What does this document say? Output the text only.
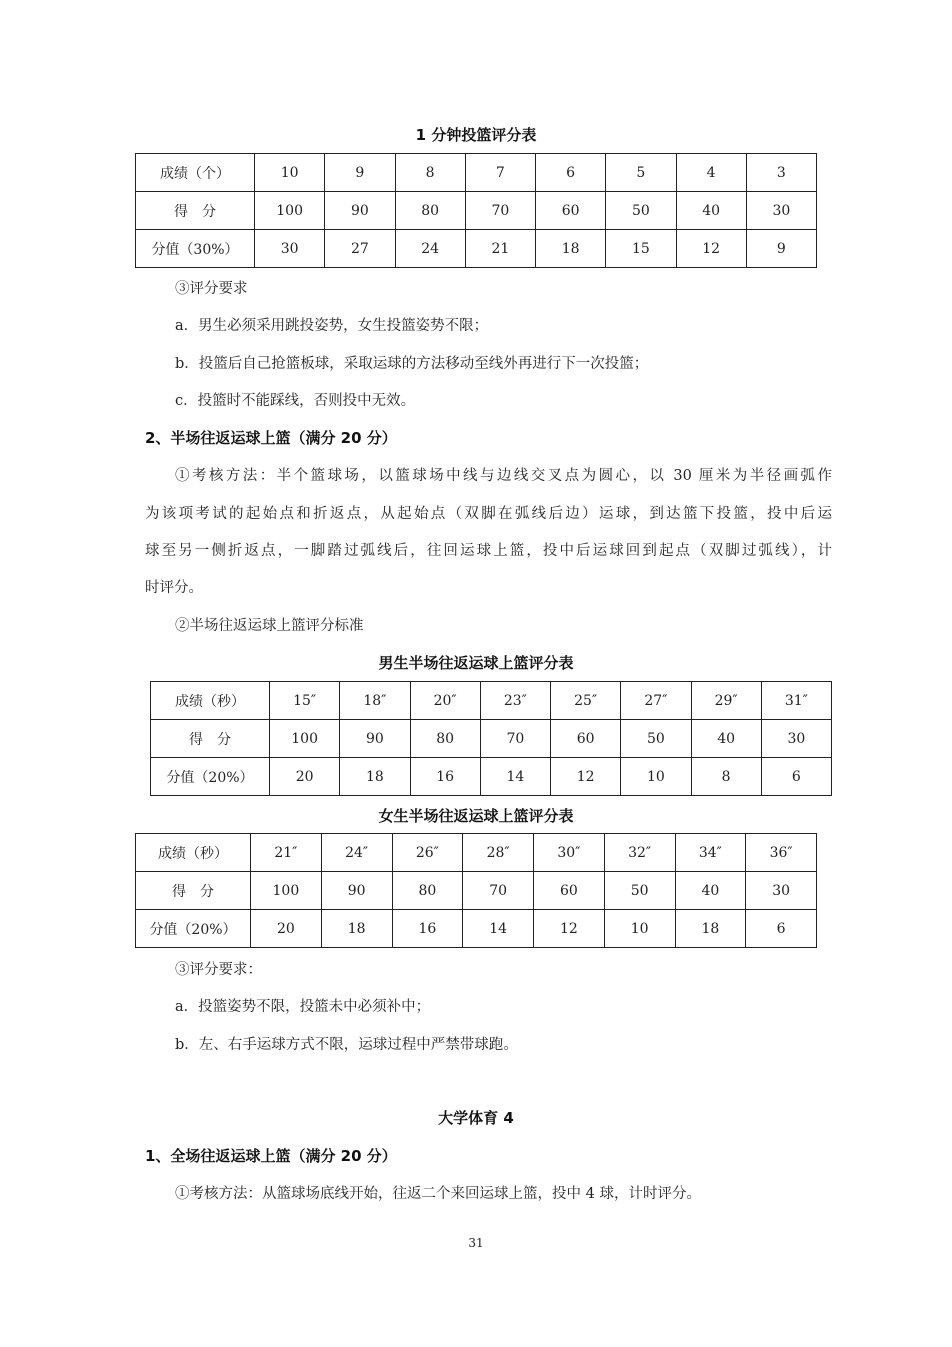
1 分钟投篮评分表
成绩（个）	10	9	8	7	6	5	4	3
得　分	100	90	80	70	60	50	40	30
分值（30%）	30	27	24	21	18	15	12	9
③评分要求
a．男生必须采用跳投姿势，女生投篮姿势不限；
b．投篮后自己抢篮板球，采取运球的方法移动至线外再进行下一次投篮；
c．投篮时不能踩线，否则投中无效。
2、半场往返运球上篮（满分 20 分）
①考核方法：半个篮球场，以篮球场中线与边线交叉点为圆心，以 30 厘米为半径画弧作
为该项考试的起始点和折返点，从起始点（双脚在弧线后边）运球，到达篮下投篮，投中后运
球至另一侧折返点，一脚踏过弧线后，往回运球上篮，投中后运球回到起点（双脚过弧线），计
时评分。
②半场往返运球上篮评分标准
男生半场往返运球上篮评分表
成绩（秒）	15″	18″	20″	23″	25″	27″	29″	31″
得　分	100	90	80	70	60	50	40	30
分值（20%）	20	18	16	14	12	10	8	6
女生半场往返运球上篮评分表
成绩（秒）	21″	24″	26″	28″	30″	32″	34″	36″
得　分	100	90	80	70	60	50	40	30
分值（20%）	20	18	16	14	12	10	18	6
③评分要求：
a．投篮姿势不限，投篮未中必须补中；
b．左、右手运球方式不限，运球过程中严禁带球跑。
大学体育 4
1、全场往返运球上篮（满分 20 分）
①考核方法：从篮球场底线开始，往返二个来回运球上篮，投中 4 球，计时评分。
31
